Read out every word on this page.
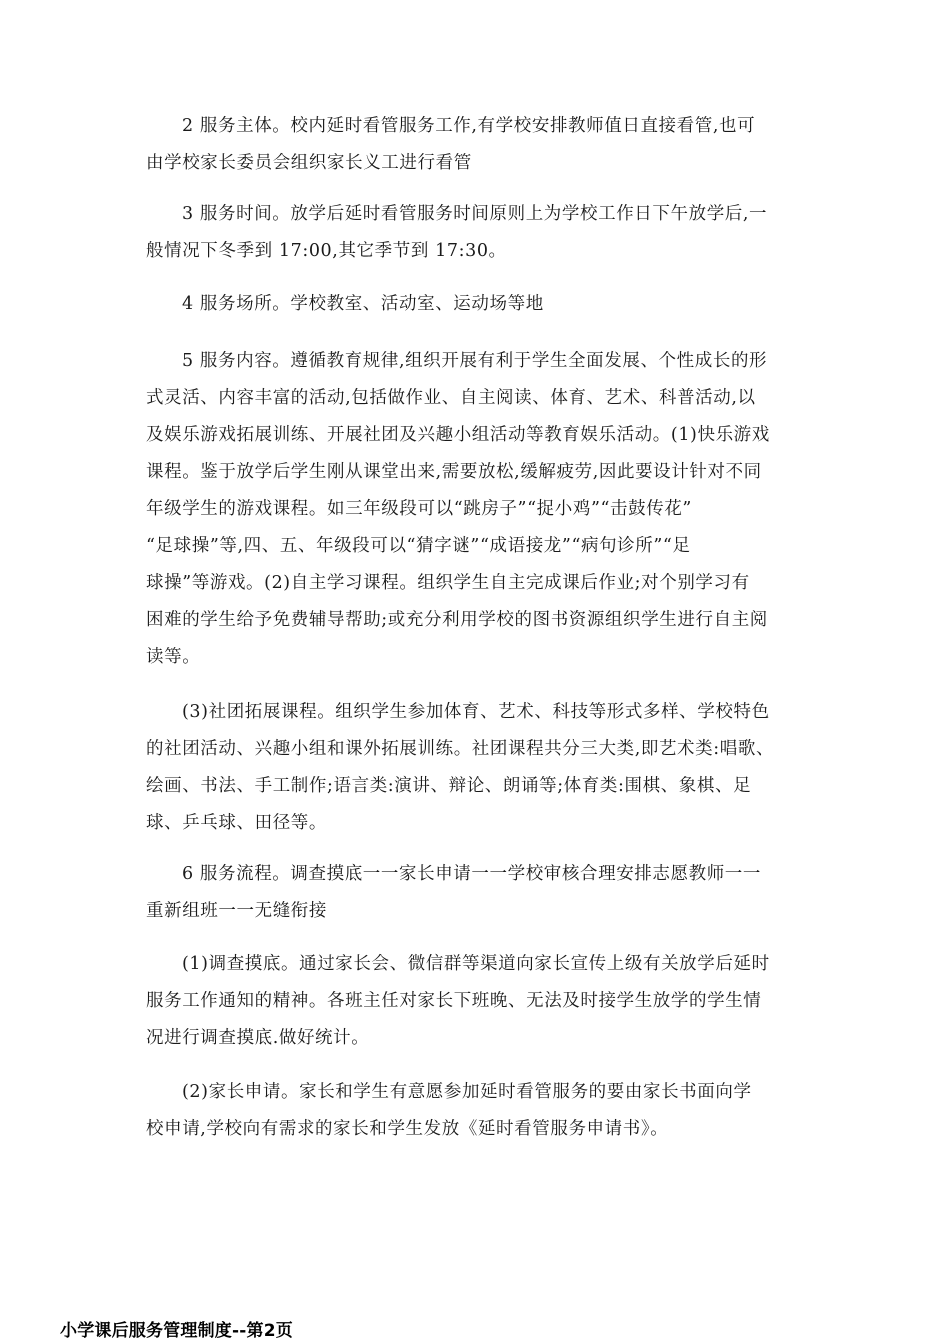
2 服务主体。校内延时看管服务工作,有学校安排教师值日直接看管,也可
由学校家长委员会组织家长义工进行看管
3 服务时间。放学后延时看管服务时间原则上为学校工作日下午放学后,一
般情况下冬季到 17:00,其它季节到 17:30。
4 服务场所。学校教室、活动室、运动场等地
5 服务内容。遵循教育规律,组织开展有利于学生全面发展、个性成长的形
式灵活、内容丰富的活动,包括做作业、自主阅读、体育、艺术、科普活动,以
及娱乐游戏拓展训练、开展社团及兴趣小组活动等教育娱乐活动。(1)快乐游戏
课程。鉴于放学后学生刚从课堂出来,需要放松,缓解疲劳,因此要设计针对不同
年级学生的游戏课程。如三年级段可以“跳房子”“捉小鸡”“击鼓传花”
“足球操”等,四、五、年级段可以“猜字谜”“成语接龙”“病句诊所”“足
球操”等游戏。(2)自主学习课程。组织学生自主完成课后作业;对个别学习有
困难的学生给予免费辅导帮助;或充分利用学校的图书资源组织学生进行自主阅
读等。
(3)社团拓展课程。组织学生参加体育、艺术、科技等形式多样、学校特色
的社团活动、兴趣小组和课外拓展训练。社团课程共分三大类,即艺术类:唱歌、
绘画、书法、手工制作;语言类:演讲、辩论、朗诵等;体育类:围棋、象棋、足
球、乒乓球、田径等。
6 服务流程。调查摸底一一家长申请一一学校审核合理安排志愿教师一一
重新组班一一无缝衔接
(1)调查摸底。通过家长会、微信群等渠道向家长宣传上级有关放学后延时
服务工作通知的精神。各班主任对家长下班晚、无法及时接学生放学的学生情
况进行调查摸底.做好统计。
(2)家长申请。家长和学生有意愿参加延时看管服务的要由家长书面向学
校申请,学校向有需求的家长和学生发放《延时看管服务申请书》。
小学课后服务管理制度--第2页
